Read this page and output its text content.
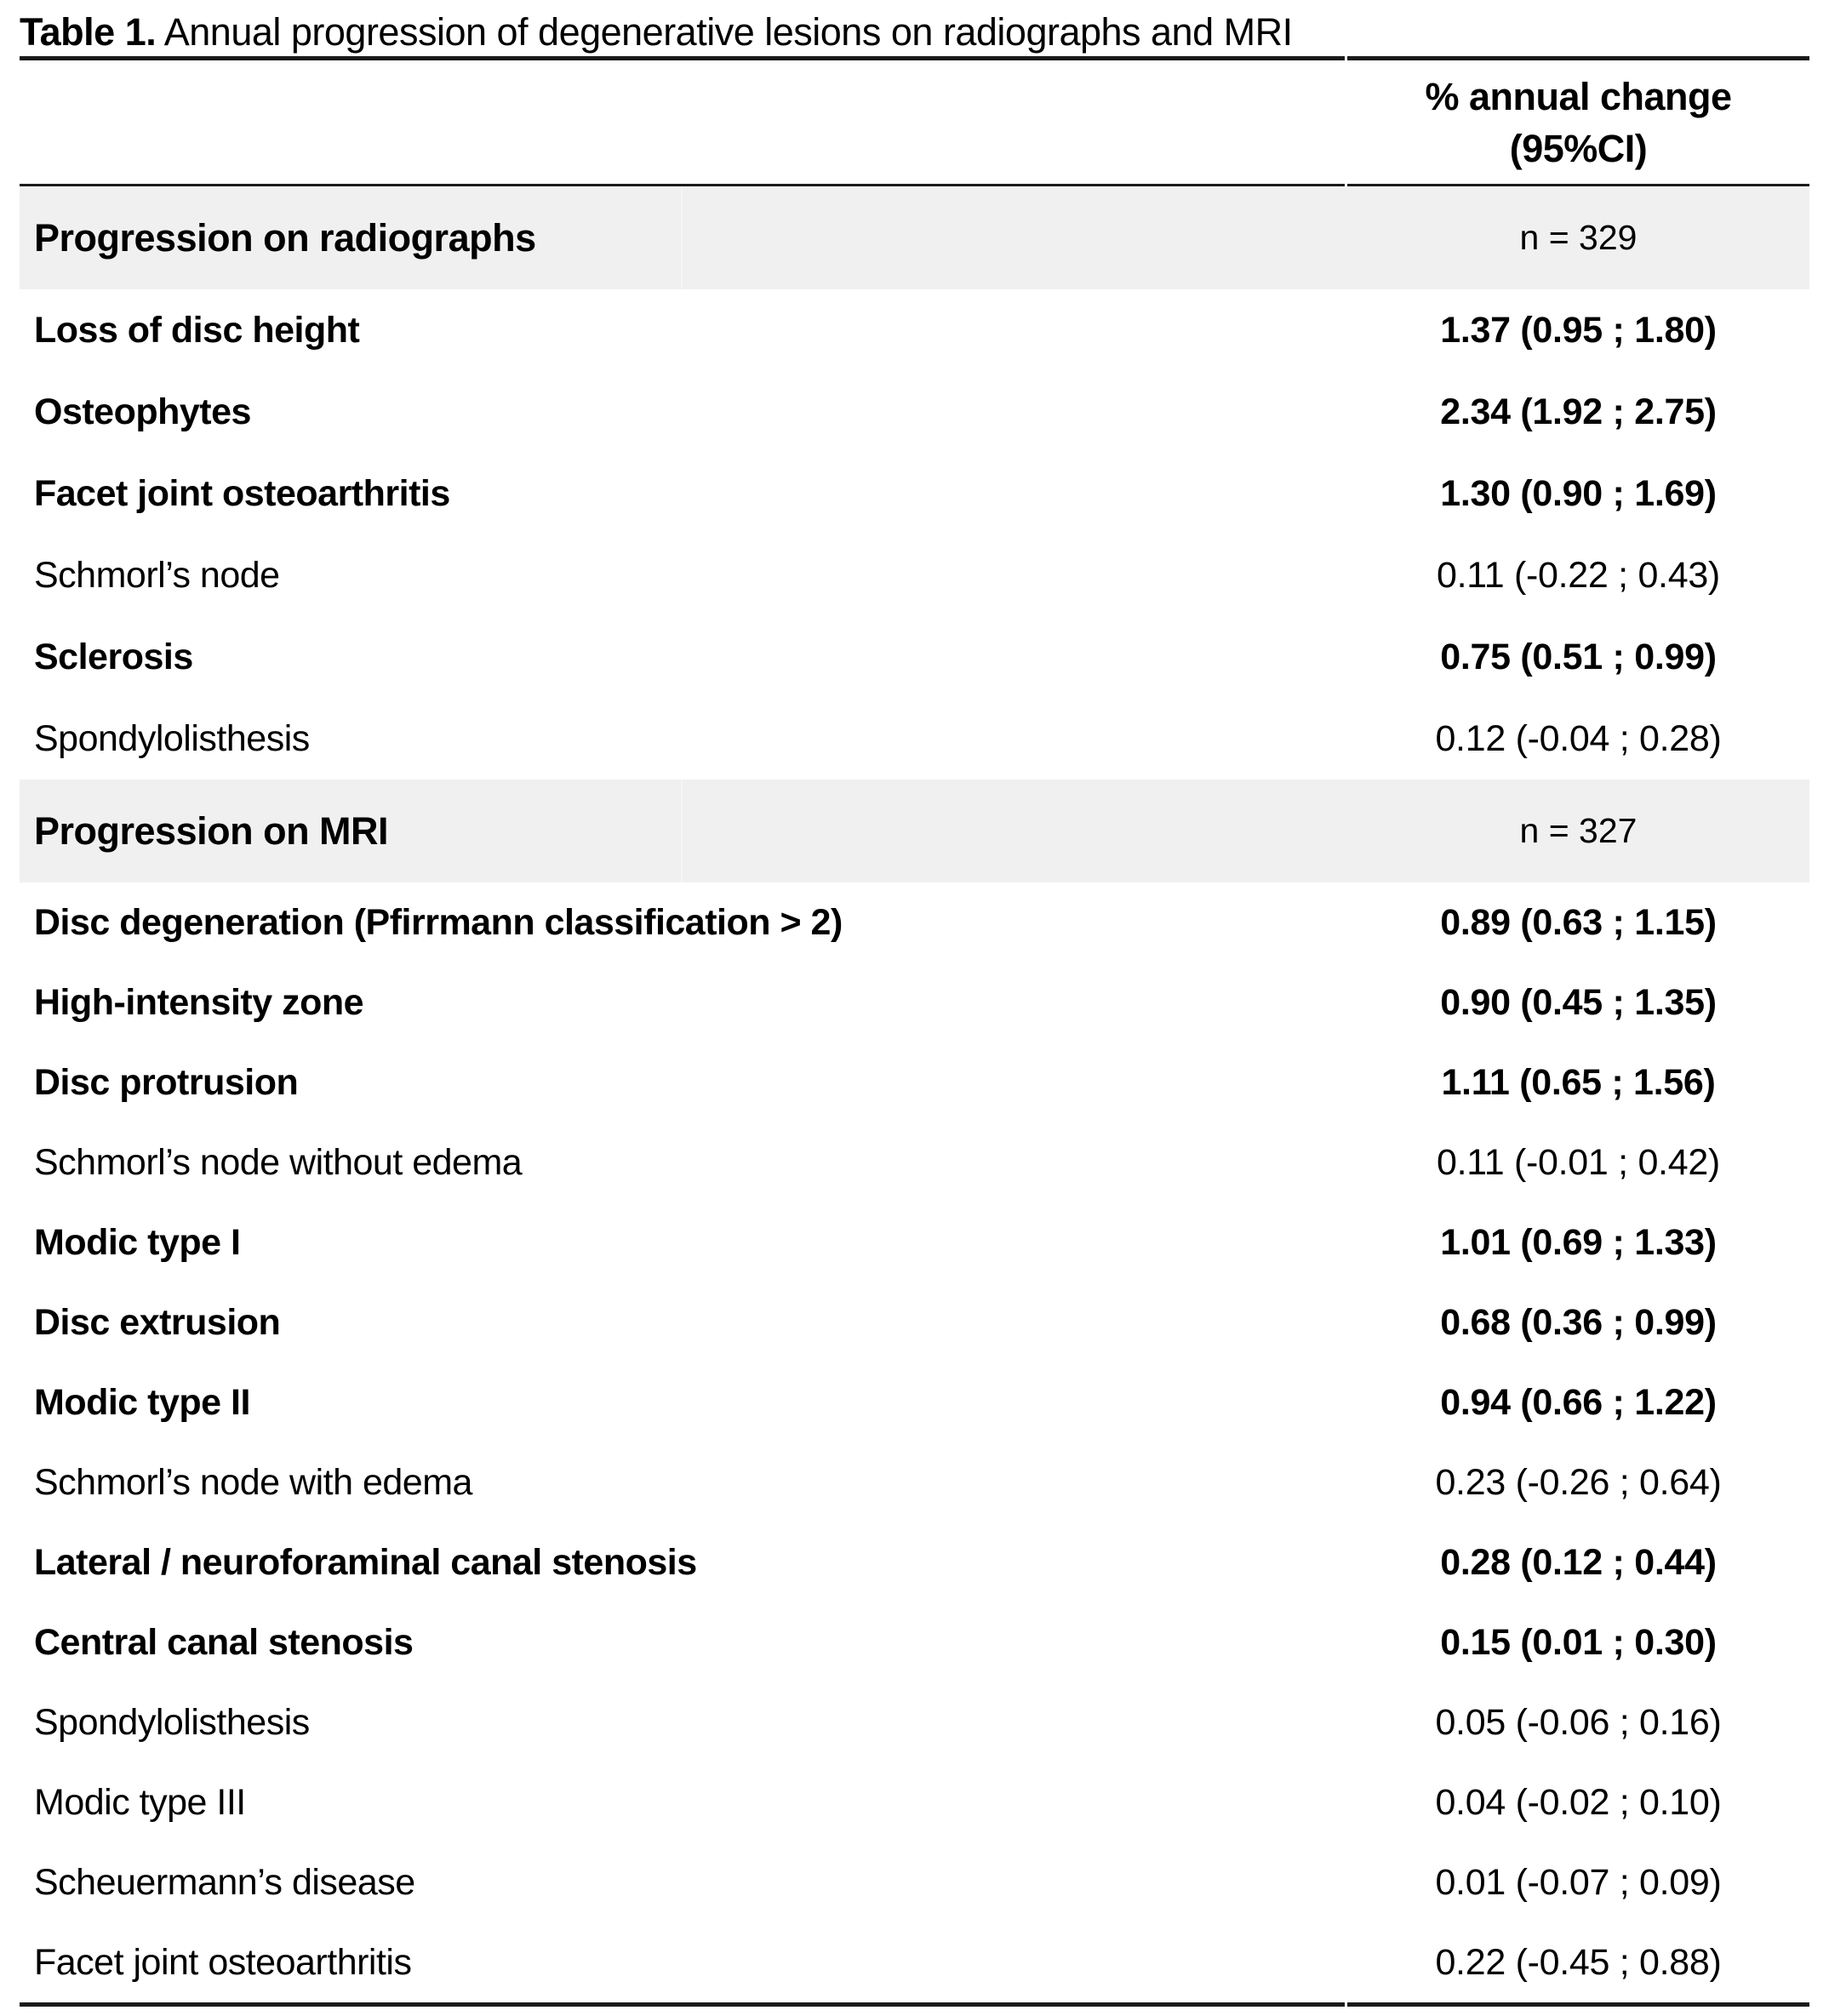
Table 1. Annual progression of degenerative lesions on radiographs and MRI
% annual change
(95%CI)
Progression on radiographs	n = 329
Loss of disc height	1.37 (0.95 ; 1.80)
Osteophytes	2.34 (1.92 ; 2.75)
Facet joint osteoarthritis	1.30 (0.90 ; 1.69)
Schmorl’s node	0.11 (-0.22 ; 0.43)
Sclerosis	0.75 (0.51 ; 0.99)
Spondylolisthesis	0.12 (-0.04 ; 0.28)
Progression on MRI	n = 327
Disc degeneration (Pfirrmann classification > 2)	0.89 (0.63 ; 1.15)
High-intensity zone	0.90 (0.45 ; 1.35)
Disc protrusion	1.11 (0.65 ; 1.56)
Schmorl’s node without edema	0.11 (-0.01 ; 0.42)
Modic type I	1.01 (0.69 ; 1.33)
Disc extrusion	0.68 (0.36 ; 0.99)
Modic type II	0.94 (0.66 ; 1.22)
Schmorl’s node with edema	0.23 (-0.26 ; 0.64)
Lateral / neuroforaminal canal stenosis	0.28 (0.12 ; 0.44)
Central canal stenosis	0.15 (0.01 ; 0.30)
Spondylolisthesis	0.05 (-0.06 ; 0.16)
Modic type III	0.04 (-0.02 ; 0.10)
Scheuermann’s disease	0.01 (-0.07 ; 0.09)
Facet joint osteoarthritis	0.22 (-0.45 ; 0.88)
